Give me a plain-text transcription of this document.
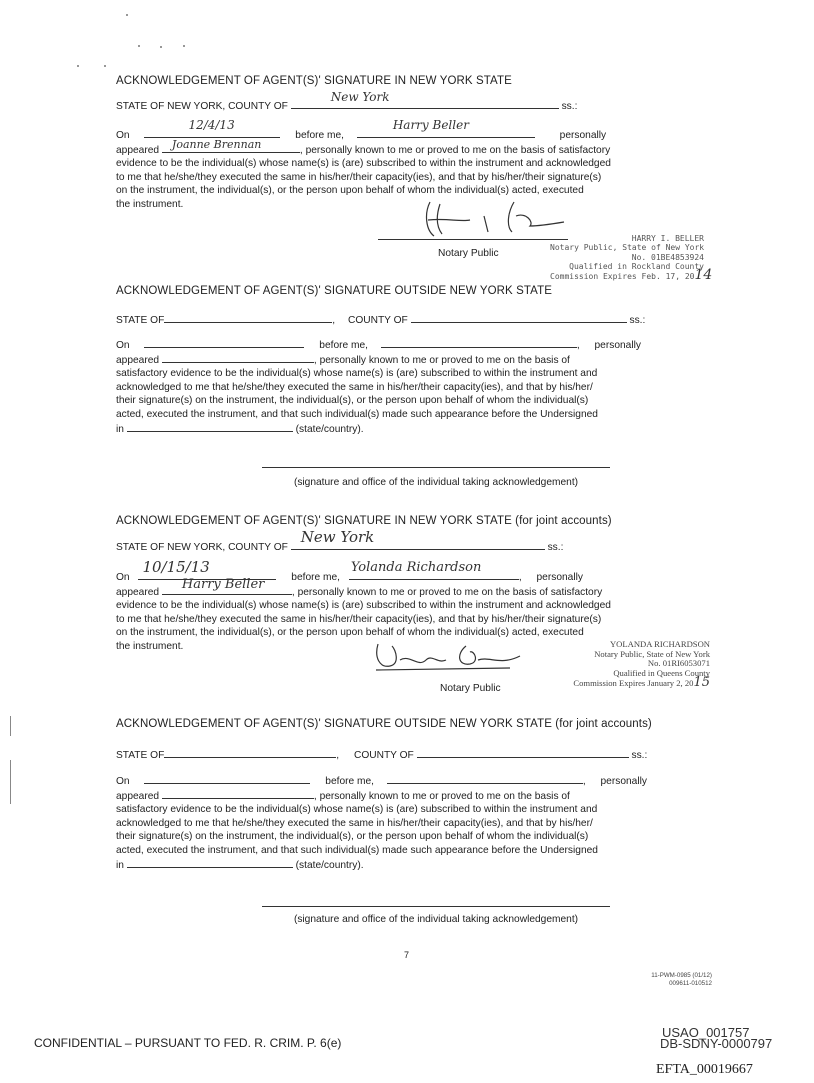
ACKNOWLEDGEMENT OF AGENT(S)' SIGNATURE IN NEW YORK STATE
STATE OF NEW YORK, COUNTY OF
New York
ss.:
On
12/4/13
before me,
Harry Beller
personally
appeared Joanne Brennan	, personally known to me or proved to me on the basis of satisfactory
evidence to be the individual(s) whose name(s) is (are) subscribed to within the instrument and acknowledged
to me that he/she/they executed the same in his/her/their capacity(ies), and that by his/her/their signature(s)
on the instrument, the individual(s), or the person upon behalf of whom the individual(s) acted, executed
the instrument.
Notary Public
HARRY I. BELLER
Notary Public, State of New York
No. 01BE4853924
Qualified in Rockland County
Commission Expires Feb. 17, 2014
ACKNOWLEDGEMENT OF AGENT(S)' SIGNATURE OUTSIDE NEW YORK STATE
STATE OF	, COUNTY OF	ss.:
On	before me,	, personally
appeared	, personally known to me or proved to me on the basis of
satisfactory evidence to be the individual(s) whose name(s) is (are) subscribed to within the instrument and
acknowledged to me that he/she/they executed the same in his/her/their capacity(ies), and that by his/her/
their signature(s) on the instrument, the individual(s), or the person upon behalf of whom the individual(s)
acted, executed the instrument, and that such individual(s) made such appearance before the Undersigned
in	(state/country).
(signature and office of the individual taking acknowledgement)
ACKNOWLEDGEMENT OF AGENT(S)' SIGNATURE IN NEW YORK STATE (for joint accounts)
STATE OF NEW YORK, COUNTY OF
New York
ss.:
On
10/15/13
before me,
Yolanda Richardson
, personally
appeared
Harry Beller
, personally known to me or proved to me on the basis of satisfactory
evidence to be the individual(s) whose name(s) is (are) subscribed to within the instrument and acknowledged
to me that he/she/they executed the same in his/her/their capacity(ies), and that by his/her/their signature(s)
on the instrument, the individual(s), or the person upon behalf of whom the individual(s) acted, executed
the instrument.
Notary Public
YOLANDA RICHARDSON
Notary Public, State of New York
No. 01RI6053071
Qualified in Queens County
Commission Expires January 2, 2015
ACKNOWLEDGEMENT OF AGENT(S)' SIGNATURE OUTSIDE NEW YORK STATE (for joint accounts)
STATE OF	, COUNTY OF	ss.:
On	before me,	, personally
appeared	, personally known to me or proved to me on the basis of
satisfactory evidence to be the individual(s) whose name(s) is (are) subscribed to within the instrument and
acknowledged to me that he/she/they executed the same in his/her/their capacity(ies), and that by his/her/
their signature(s) on the instrument, the individual(s), or the person upon behalf of whom the individual(s)
acted, executed the instrument, and that such individual(s) made such appearance before the Undersigned
in	(state/country).
(signature and office of the individual taking acknowledgement)
7
11-PWM-0985 (01/12)
009611-010512
CONFIDENTIAL – PURSUANT TO FED. R. CRIM. P. 6(e)
USAO_001757
DB-SDNY-0000797
EFTA_00019667
